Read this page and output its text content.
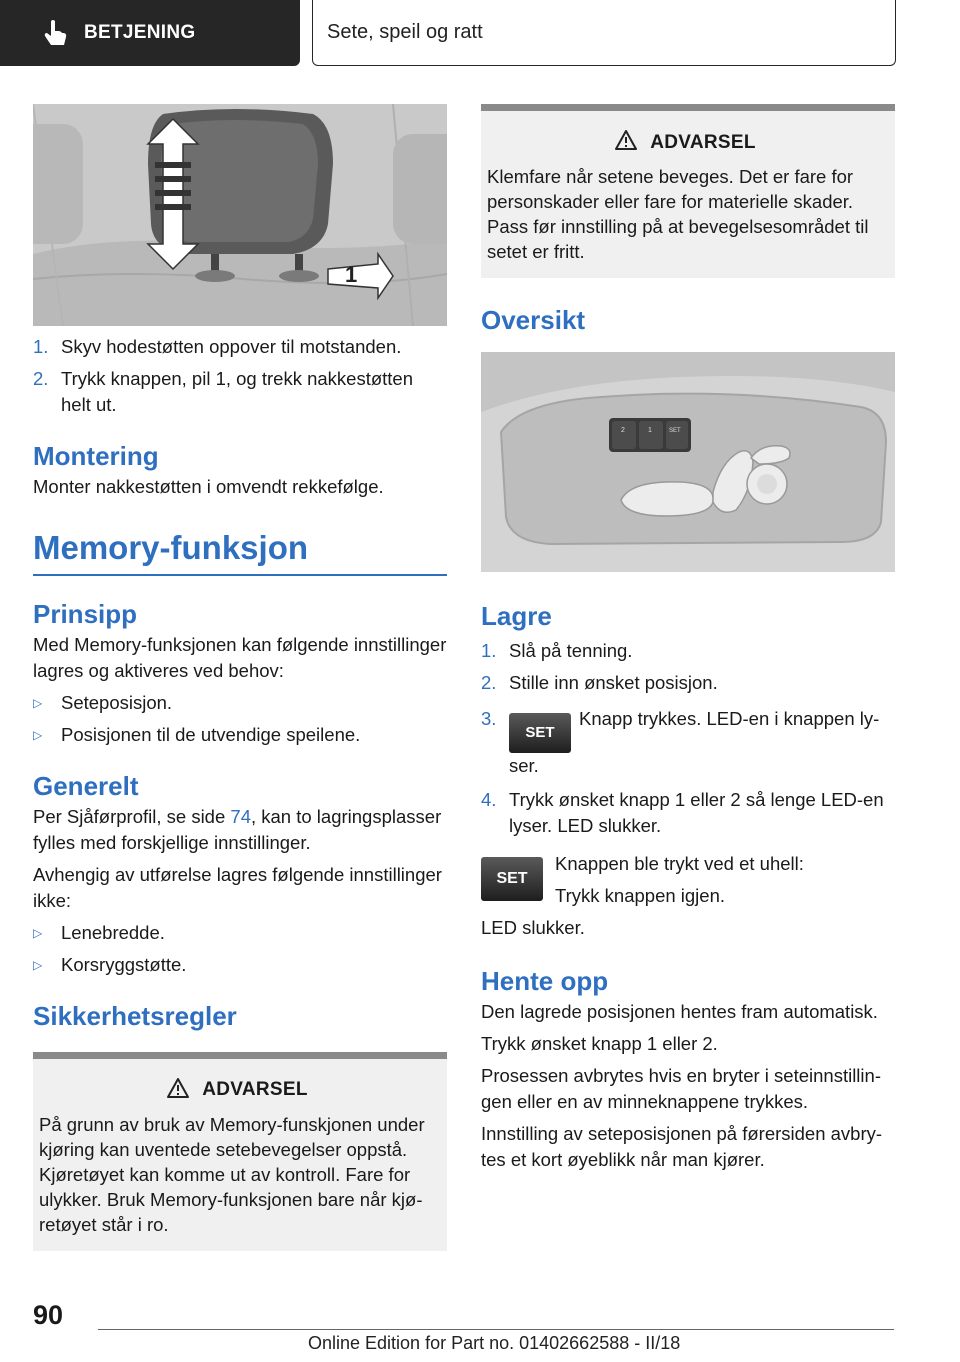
BETJENING	Sete, speil og ratt
1
1. Skyv hodestøtten oppover til motstanden.
2. Trykk knappen, pil 1, og trekk nakkestøtten helt ut.
Montering

Monter nakkestøtten i omvendt rekkefølge.

Memory-funksjon
Prinsipp

Med Memory-funksjonen kan følgende innstillinger lagres og aktiveres ved behov:

▷	Seteposisjon.
▷	Posisjonen til de utvendige speilene.
Generelt

Per Sjåførprofil, se side 74, kan to lagringsplasser fylles med forskjellige innstillinger.

Avhengig av utførelse lagres følgende innstillinger ikke:

▷	Lenebredde.
▷	Korsryggstøtte.
Sikkerhetsregler
ADVARSEL

På grunn av bruk av Memory-funskjonen under kjøring kan uventede setebevegelser oppstå. Kjøretøyet kan komme ut av kontroll. Fare for ulykker. Bruk Memory-funksjonen bare når kjøretøyet står i ro.

ADVARSEL

Klemfare når setene beveges. Det er fare for personskader eller fare for materielle skader. Pass før innstilling på at bevegelsesområdet til setet er fritt.

Oversikt
2	1	SET
Lagre
1. Slå på tenning.
2. Stille inn ønsket posisjon.
3.
SETKnapp trykkes. LED-en i knappen lyser.
4. Trykk ønsket knapp 1 eller 2 så lenge LED-en lyser. LED slukker.
SET

Knappen ble trykt ved et uhell:

Trykk knappen igjen.

LED slukker.

Hente opp

Den lagrede posisjonen hentes fram automatisk.

Trykk ønsket knapp 1 eller 2.

Prosessen avbrytes hvis en bryter i seteinnstillingen eller en av minneknappene trykkes.

Innstilling av seteposisjonen på førersiden avbrytes et kort øyeblikk når man kjører.

90
Online Edition for Part no. 01402662588 - II/18
